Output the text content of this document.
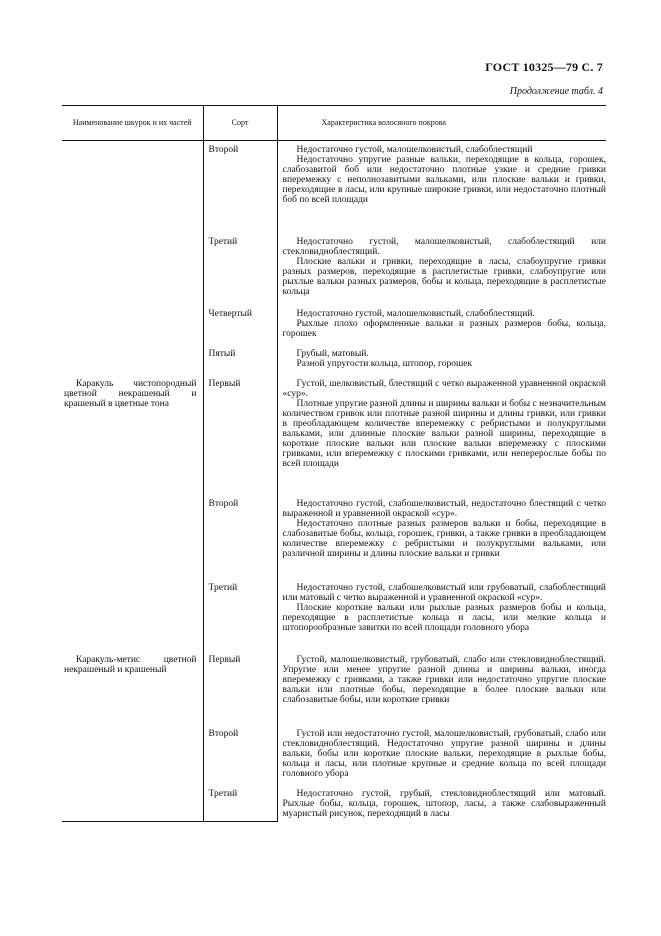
ГОСТ 10325—79 С. 7
Продолжение табл. 4
Наименование шкурок и их частей	Сорт	Характеристика волосяного покрова

	Второй	Недостаточно густой, малошелковистый, слабоблестящий

Недостаточно упругие разные вальки, переходящие в кольца, горошек, слабозавитой боб или недостаточно плотные узкие и средние гривки вперемежку с неполнозавитыми вальками, или плоские вальки и гривки, переходящие в ласы, или крупные широкие гривки, или недостаточно плотный боб по всей площади

	Третий	Недостаточно густой, малошелковистый, слабоблестящий или стекловидноблестящий.

Плоские вальки и гривки, переходящие в ласы, слабоупругие гривки разных размеров, переходящие в расплетистые гривки, слабоупругие или рыхлые вальки разных размеров, бобы и кольца, переходящие в расплетистые кольца

	Четвертый	Недостаточно густой, малошелковистый, слабоблестящий.

Рыхлые плохо оформленные вальки и разных размеров бобы, кольца, горошек

	Пятый	Грубый, матовый.

Разной упругости кольца, штопор, горошек

Каракуль чистопородный цветной некрашеный и крашеный в цветные тона	Первый	Густой, шелковистый, блестящий с четко выраженной уравненной окраской «сур».

Плотные упругие разной длины и ширины вальки и бобы с незначительным количеством гривок или плотные разной ширины и длины гривки, или гривки в преобладающем количестве вперемежку с ребристыми и полукруглыми вальками, или длинные плоские вальки разной ширины, переходящие в короткие плоские вальки или плоские вальки вперемежку с плоскими гривками, или вперемежку с плоскими гривками, или неперерослые бобы по всей площади

	Второй	Недостаточно густой, слабошелковистый, недостаточно блестящий с четко выраженной и уравненной окраской «сур».

Недостаточно плотные разных размеров вальки и бобы, переходящие в слабозавитые бобы, кольца, горошек, гривки, а также гривки в преобладающем количестве вперемежку с ребристыми и полукруглыми вальками, или различной ширины и длины плоские вальки и гривки

	Третий	Недостаточно густой, слабошелковистый или грубоватый, слабоблестящий или матовый с четко выраженной и уравненной окраской «сур».

Плоские короткие вальки или рыхлые разных размеров бобы и кольца, переходящие в расплетистые кольца и ласы, или мелкие кольца и штопорообразные завитки по всей площади головного убора

Каракуль-метис цветной некрашеный и крашеный	Первый	Густой, малошелковистый, грубоватый, слабо или стекловидноблестящий. Упругие или менее упругие разной длины и ширины вальки, иногда вперемежку с гривками, а также гривки или недостаточно упругие плоские вальки или плотные бобы, переходящие в более плоские вальки или слабозавитые бобы, или короткие гривки

	Второй	Густой или недостаточно густой, малошелковистый, грубоватый, слабо или стекловидноблестящий. Недостаточно упругие разной ширины и длины вальки, бобы или короткие плоские вальки, переходящие в рыхлые бобы, кольца и ласы, или плотные крупные и средние кольца по всей площади головного убора

	Третий	Недостаточно густой, грубый, стекловидноблестящий или матовый. Рыхлые бобы, кольца, горошек, штопор, ласы, а также слабовыраженный муаристый рисунок, переходящий в ласы
